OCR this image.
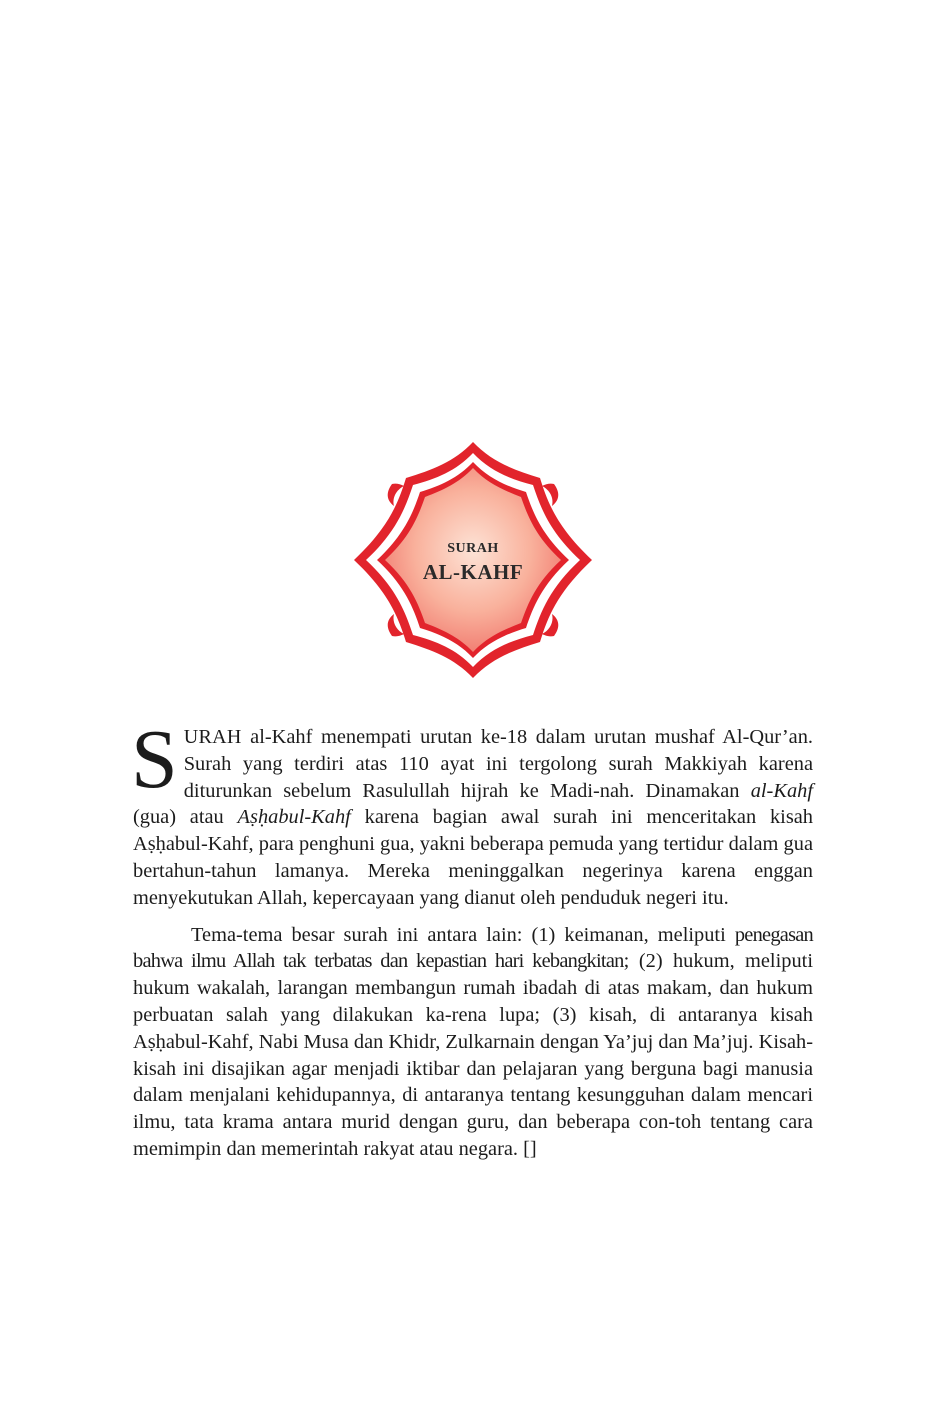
SURAH
AL-KAHF

SURAH al-Kahf menempati urutan ke-18 dalam urutan mushaf Al-Qur’an. Surah yang terdiri atas 110 ayat ini tergolong surah Makkiyah karena diturunkan sebelum Rasulullah hijrah ke Madi-nah. Dinamakan al-Kahf (gua) atau Aṣḥabul-Kahf karena bagian awal surah ini menceritakan kisah Aṣḥabul-Kahf, para penghuni gua, yakni beberapa pemuda yang tertidur dalam gua bertahun-tahun lamanya. Mereka meninggalkan negerinya karena enggan menyekutukan Allah, kepercayaan yang dianut oleh penduduk negeri itu.

Tema-tema besar surah ini antara lain: (1) keimanan, meliputi penegasan bahwa ilmu Allah tak terbatas dan kepastian hari kebangkitan; (2) hukum, meliputi hukum wakalah, larangan membangun rumah ibadah di atas makam, dan hukum perbuatan salah yang dilakukan ka-rena lupa; (3) kisah, di antaranya kisah Aṣḥabul-Kahf, Nabi Musa dan Khidr, Zulkarnain dengan Ya’juj dan Ma’juj. Kisah-kisah ini disajikan agar menjadi iktibar dan pelajaran yang berguna bagi manusia dalam menjalani kehidupannya, di antaranya tentang kesungguhan dalam mencari ilmu, tata krama antara murid dengan guru, dan beberapa con-toh tentang cara memimpin dan memerintah rakyat atau negara. []
